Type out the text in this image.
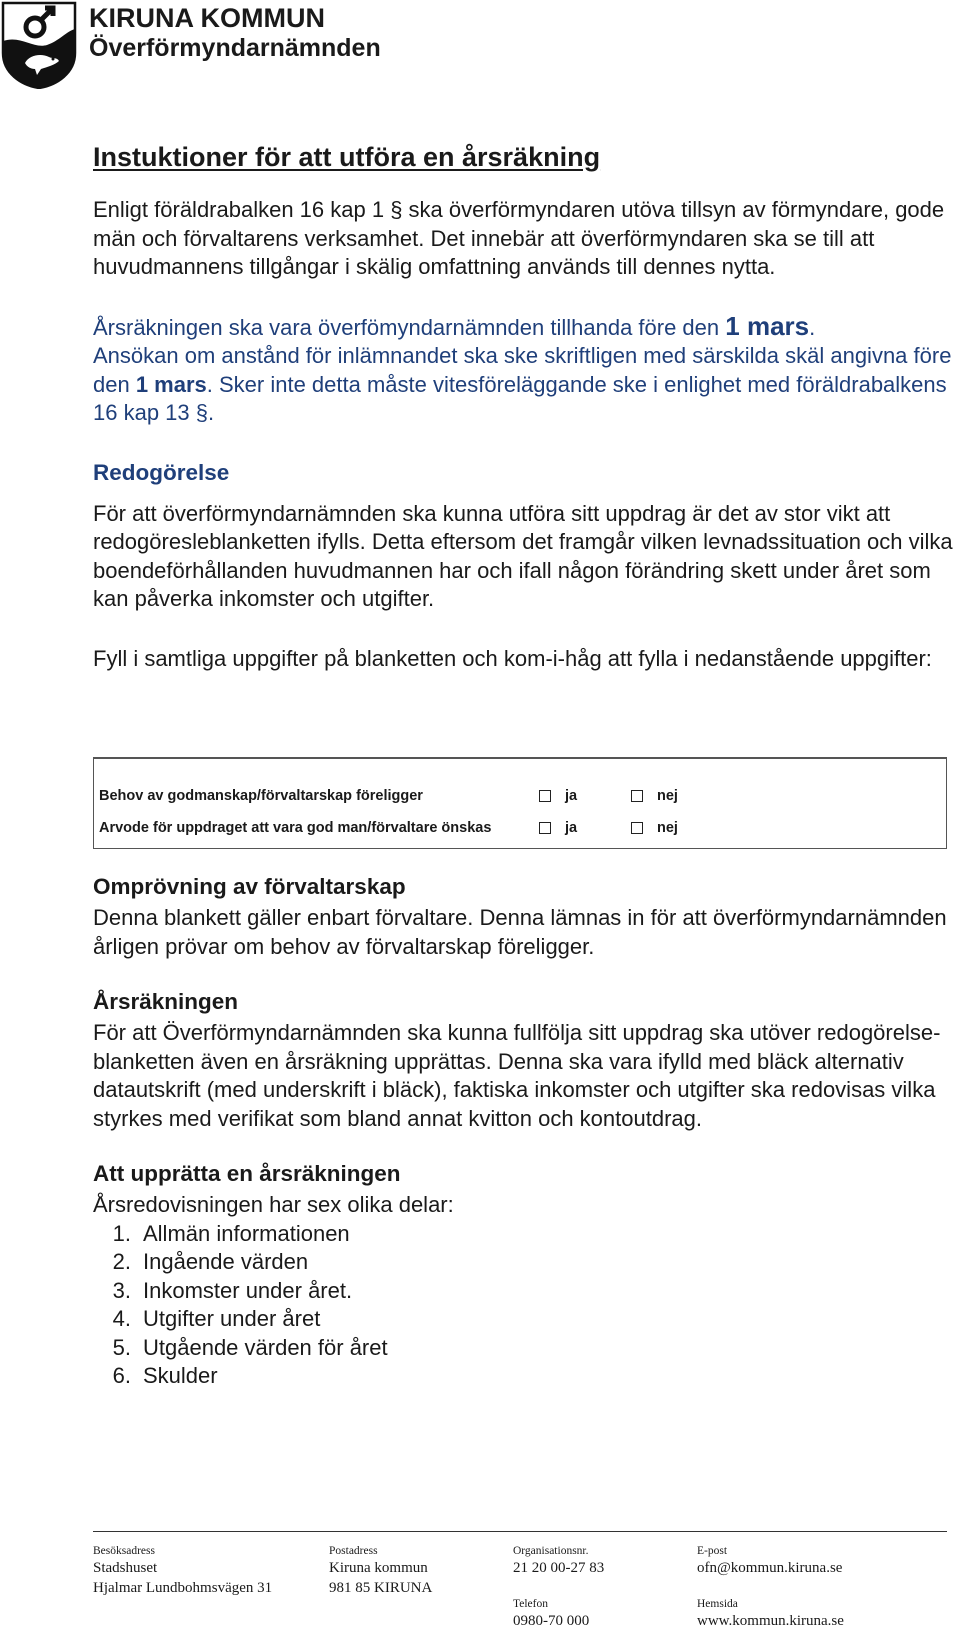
KIRUNA KOMMUN
Överförmyndarnämnden
Instuktioner för att utföra en årsräkning

Enligt föräldrabalken 16 kap 1 § ska överförmyndaren utöva tillsyn av förmyndare, gode män och förvaltarens verksamhet. Det innebär att överförmyndaren ska se till att huvudmannens tillgångar i skälig omfattning används till dennes nytta.

Årsräkningen ska vara överfömyndarnämnden tillhanda före den 1 mars.
Ansökan om anstånd för inlämnandet ska ske skriftligen med särskilda skäl angivna före den 1 mars. Sker inte detta måste vitesföreläggande ske i enlighet med föräldrabalkens 16 kap 13 §.

Redogörelse

För att överförmyndarnämnden ska kunna utföra sitt uppdrag är det av stor vikt att redogöresleblanketten ifylls. Detta eftersom det framgår vilken levnadssituation och vilka boendeförhållanden huvudmannen har och ifall någon förändring skett under året som kan påverka inkomster och utgifter.

Fyll i samtliga uppgifter på blanketten och kom-i-håg att fylla i nedanstående uppgifter:

Behov av godmanskap/förvaltarskap föreligger	ja	nej
Arvode för uppdraget att vara god man/förvaltare önskas	ja	nej
Omprövning av förvaltarskap

Denna blankett gäller enbart förvaltare. Denna lämnas in för att överförmyndarnämnden årligen prövar om behov av förvaltarskap föreligger.

Årsräkningen

För att Överförmyndarnämnden ska kunna fullfölja sitt uppdrag ska utöver redogörelse-blanketten även en årsräkning upprättas. Denna ska vara ifylld med bläck alternativ datautskrift (med underskrift i bläck), faktiska inkomster och utgifter ska redovisas vilka styrkes med verifikat som bland annat kvitton och kontoutdrag.

Att upprätta en årsräkningen

Årsredovisningen har sex olika delar:

1. Allmän informationen
2. Ingående värden
3. Inkomster under året.
4. Utgifter under året
5. Utgående värden för året
6. Skulder
Besöksadress
Stadshuset
Hjalmar Lundbohmsvägen 31
Postadress
Kiruna kommun
981 85 KIRUNA
Organisationsnr.
21 20 00-27 83
Telefon
0980-70 000
E-post
ofn@kommun.kiruna.se
Hemsida
www.kommun.kiruna.se
